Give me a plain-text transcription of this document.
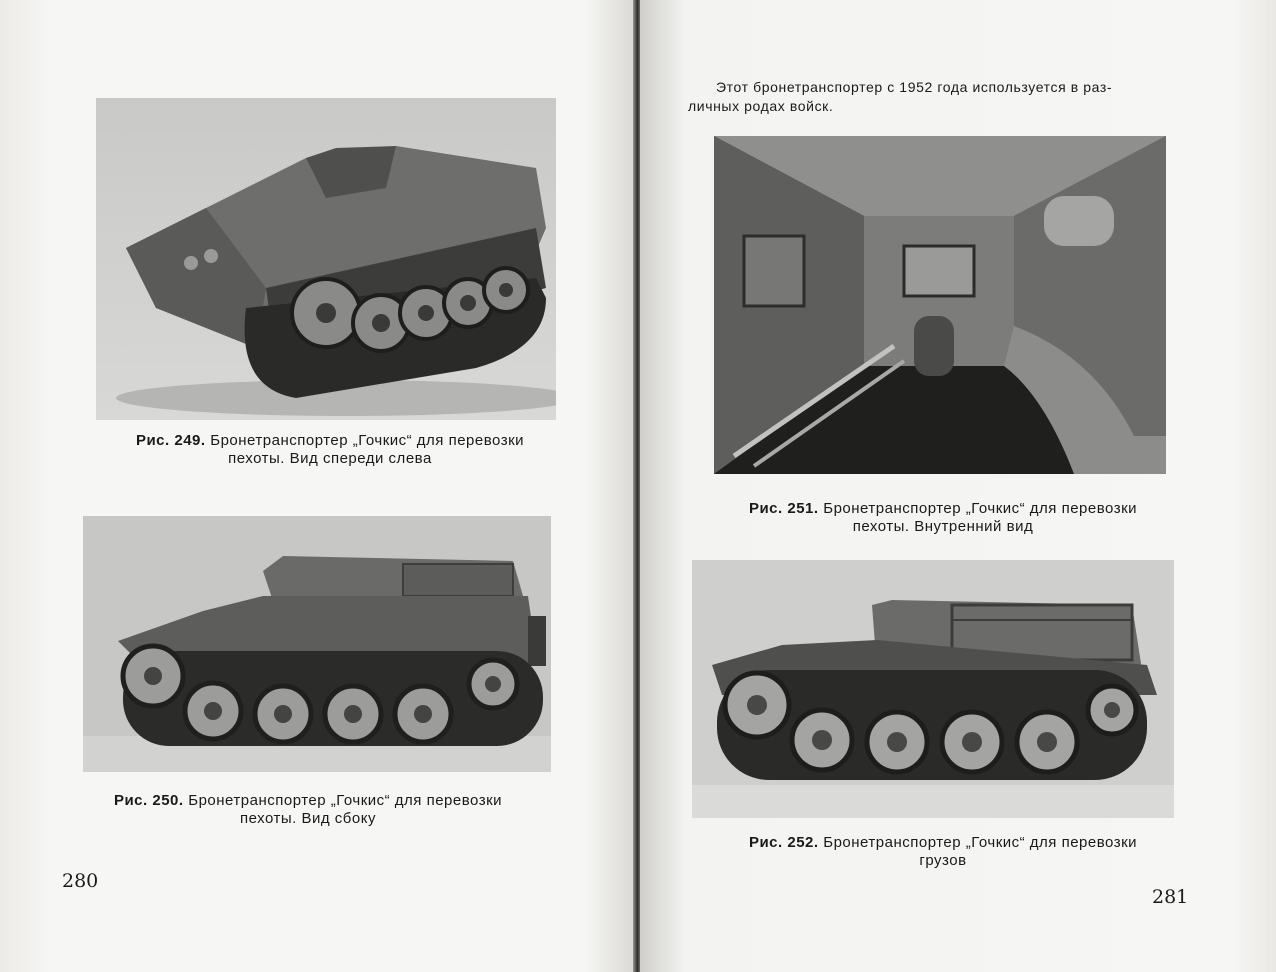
Рис. 249. Бронетранспортер „Гочкис“ для перевозки
пехоты. Вид спереди слева
Рис. 250. Бронетранспортер „Гочкис“ для перевозки
пехоты. Вид сбоку
280
Этот бронетранспортер с 1952 года используется в раз-
личных родах войск.
Рис. 251. Бронетранспортер „Гочкис“ для перевозки
пехоты. Внутренний вид
Рис. 252. Бронетранспортер „Гочкис“ для перевозки
грузов
281
